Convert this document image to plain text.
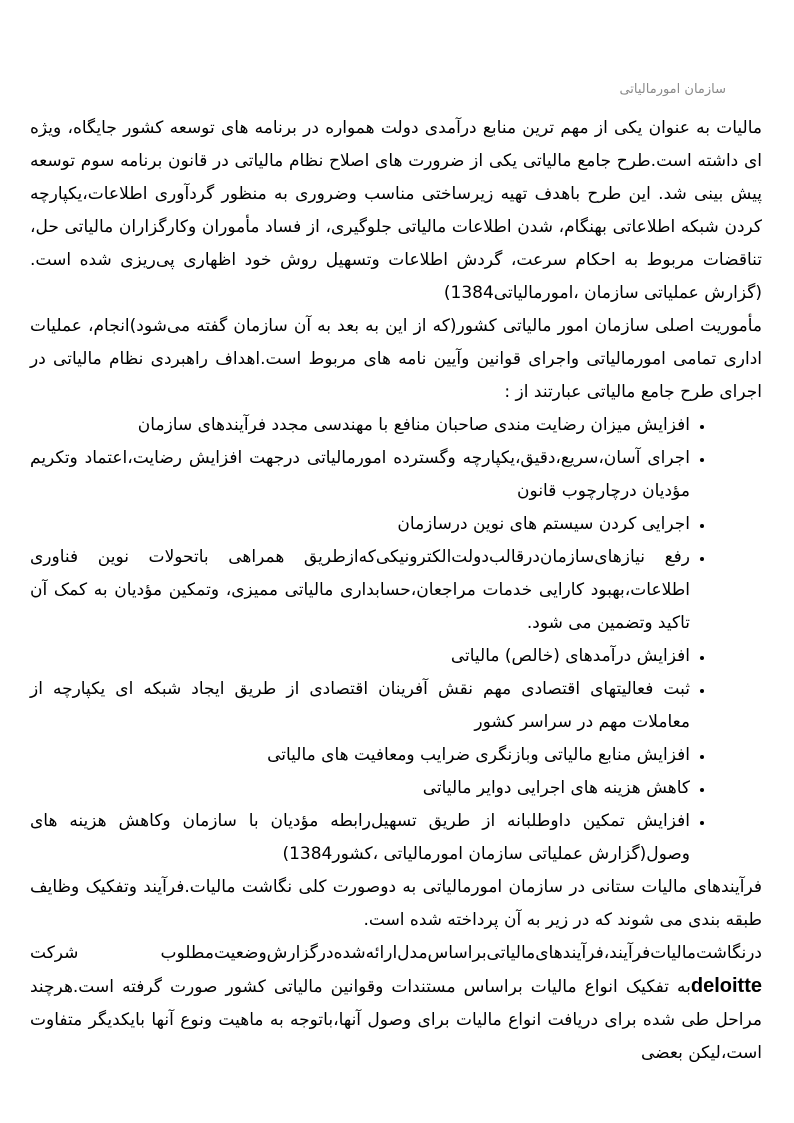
سازمان امورمالیاتی

مالیات به عنوان یکی از مهم ترین منابع درآمدی دولت همواره در برنامه های توسعه کشور جایگاه، ویژه ای داشته است.طرح جامع مالیاتی یکی از ضرورت های اصلاح نظام مالیاتی در قانون برنامه سوم توسعه پیش بینی شد. این طرح باهدف تهیه زیرساختی مناسب وضروری به منظور گردآوری اطلاعات،یکپارچه کردن شبکه اطلاعاتی بهنگام، شدن اطلاعات مالیاتی جلوگیری، از فساد مأموران وکارگزاران مالیاتی حل، تناقضات مربوط به احکام سرعت، گردش اطلاعات وتسهیل روش خود اظهاری پی‌ریزی شده است.(گزارش عملیاتی سازمان ،امورمالیاتی1384)

مأموریت اصلی سازمان امور مالیاتی کشور(که از این به بعد به آن سازمان گفته می‌شود)انجام، عملیات اداری تمامی امورمالیاتی واجرای قوانین وآیین نامه های مربوط است.اهداف راهبردی نظام مالیاتی در اجرای طرح جامع مالیاتی عبارتند از :

• افزایش میزان رضایت مندی صاحبان منافع با مهندسی مجدد فرآیندهای سازمان
• اجرای آسان،سریع،دقیق،یکپارچه وگسترده امورمالیاتی درجهت افزایش رضایت،اعتماد وتکریم مؤدیان درچارچوب قانون
• اجرایی کردن سیستم های نوین درسازمان
• رفع نیازهای‌سازمان‌درقالب‌دولت‌الکترونیکی‌که‌ازطریق همراهی باتحولات نوین فناوری اطلاعات،بهبود کارایی خدمات مراجعان،حسابداری مالیاتی ممیزی، وتمکین مؤدیان به کمک آن تاکید وتضمین می شود.
• افزایش درآمدهای (خالص) مالیاتی
• ثبت فعالیتهای اقتصادی مهم نقش آفرینان اقتصادی از طریق ایجاد شبکه ای یکپارچه از معاملات مهم در سراسر کشور
• افزایش منابع مالیاتی وبازنگری ضرایب ومعافیت های مالیاتی
• کاهش هزینه های اجرایی دوایر مالیاتی
• افزایش تمکین داوطلبانه از طریق تسهیل‌رابطه مؤدیان با سازمان وکاهش هزینه های وصول(گزارش عملیاتی سازمان امورمالیاتی ،کشور1384)

فرآیندهای مالیات ستانی در سازمان امورمالیاتی به دوصورت کلی نگاشت مالیات.فرآیند وتفکیک وظایف طبقه بندی می شوند که در زیر به آن پرداخته شده است.

درنگاشت‌مالیات‌فرآیند،فرآیندهای‌مالیاتی‌براساس‌مدل‌ارائه‌شده‌درگزارش‌وضعیت‌مطلوب شرکت deloitteبه تفکیک انواع مالیات براساس مستندات وقوانین مالیاتی کشور صورت گرفته است.هرچند مراحل طی شده برای دریافت انواع مالیات برای وصول آنها،باتوجه به ماهیت ونوع آنها بایکدیگر متفاوت است،لیکن بعضی
